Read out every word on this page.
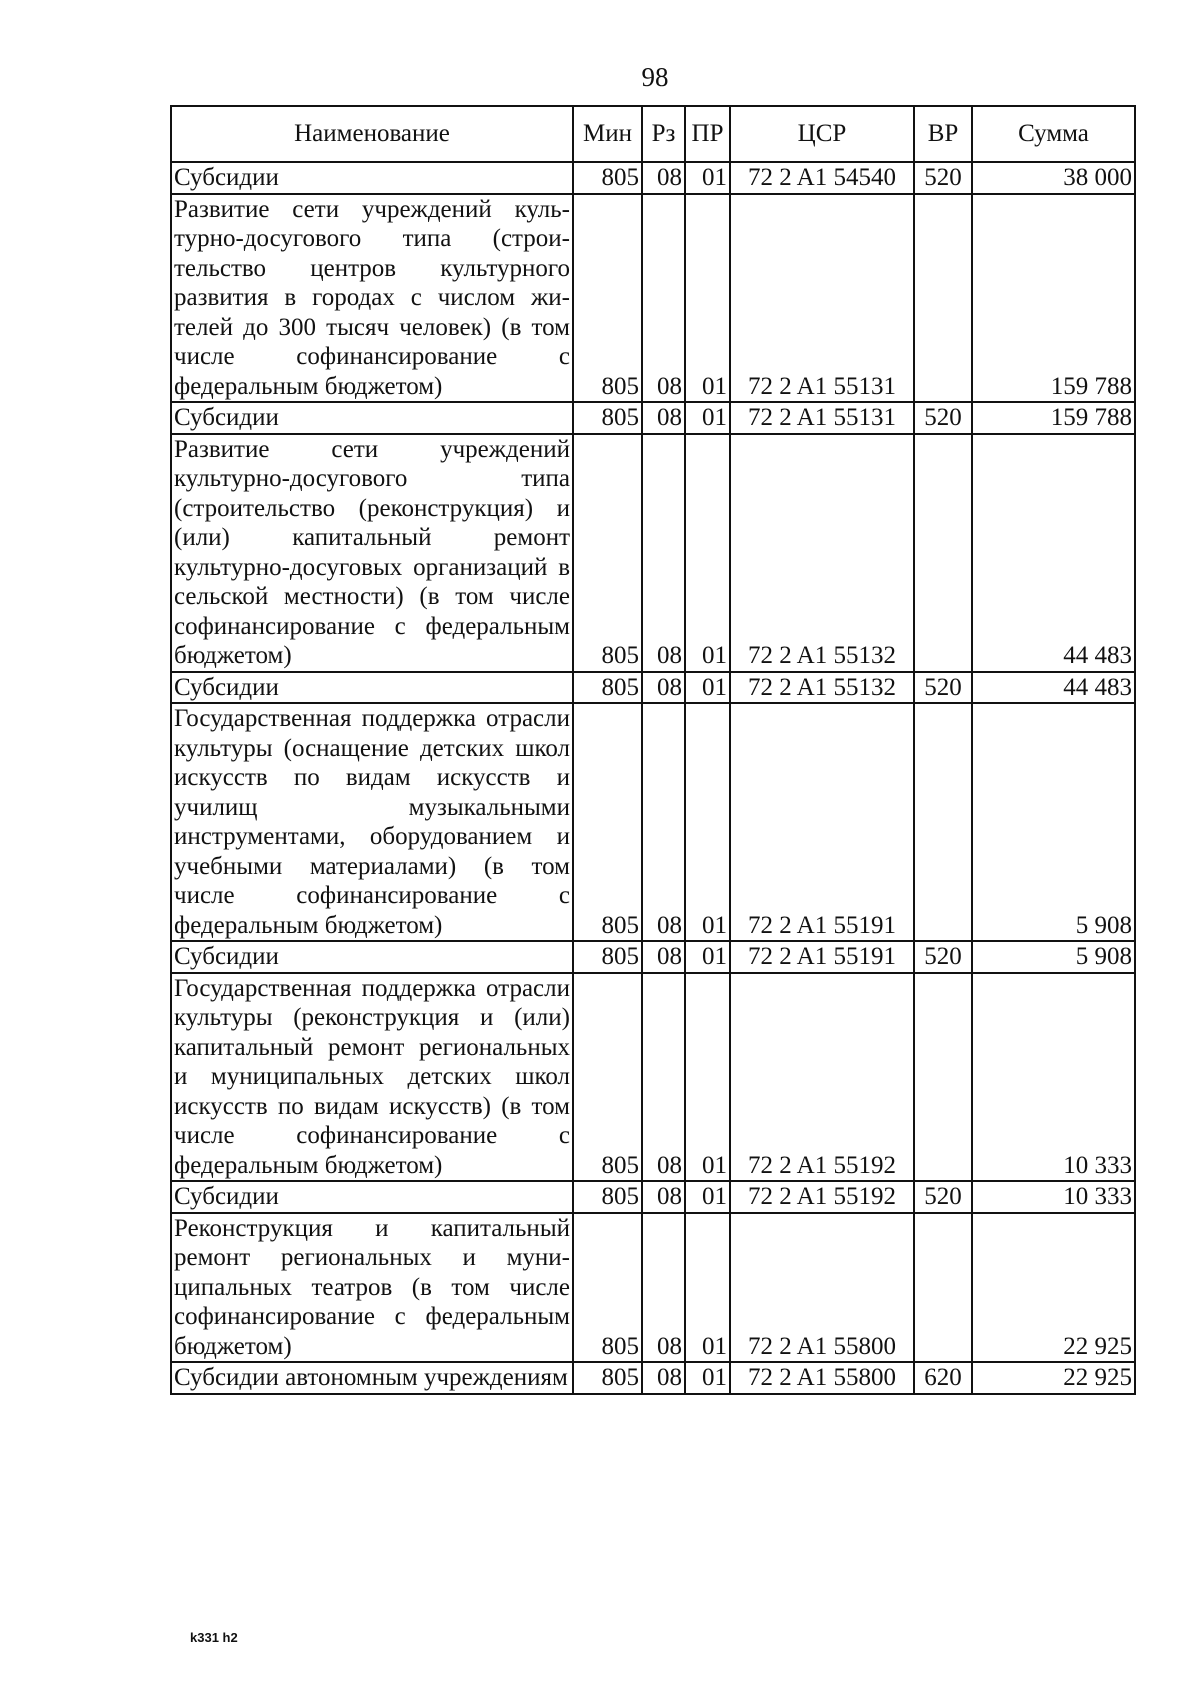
98
Наименование	Мин	Рз	ПР	ЦСР	ВР	Сумма
Субсидии	805	08	01	72 2 A1 54540	520	38 000
Развитие сети учреждений культурно-досугового типа (строительство центров культурного развития в городах с числом жителей до 300 тысяч человек) (в том числе софинансирование с федеральным бюджетом)	805	08	01	72 2 A1 55131		159 788
Субсидии	805	08	01	72 2 A1 55131	520	159 788
Развитие сети учреждений культурно-досугового типа (строительство (реконструкция) и (или) капитальный ремонт культурно-досуговых организаций в сельской местности) (в том числе софинансирование с федеральным бюджетом)	805	08	01	72 2 A1 55132		44 483
Субсидии	805	08	01	72 2 A1 55132	520	44 483
Государственная поддержка отрасли культуры (оснащение детских школ искусств по видам искусств и училищ музыкальными инструментами, оборудованием и учебными материалами) (в том числе софинансирование с федеральным бюджетом)	805	08	01	72 2 A1 55191		5 908
Субсидии	805	08	01	72 2 A1 55191	520	5 908
Государственная поддержка отрасли культуры (реконструкция и (или) капитальный ремонт региональных и муниципальных детских школ искусств по видам искусств) (в том числе софинансирование с федеральным бюджетом)	805	08	01	72 2 A1 55192		10 333
Субсидии	805	08	01	72 2 A1 55192	520	10 333
Реконструкция и капитальный ремонт региональных и муниципальных театров (в том числе софинансирование с федеральным бюджетом)	805	08	01	72 2 A1 55800		22 925
Субсидии автономным учреждениям	805	08	01	72 2 A1 55800	620	22 925
k331 h2
